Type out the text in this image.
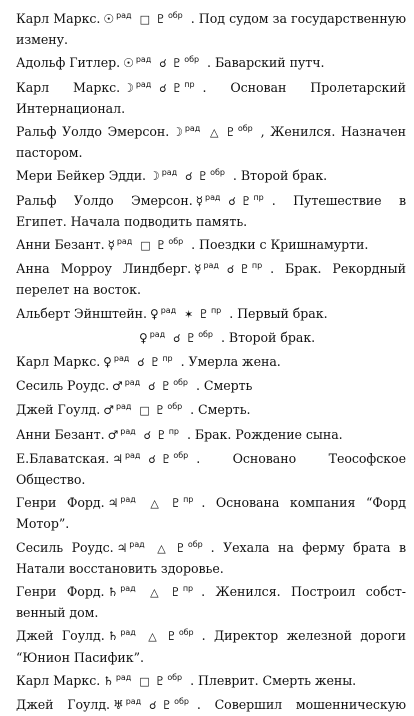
Карл Маркс. ☉ $^{рад}$ □ ♇ $^{обр}$ . Под судом за государственную
измену.
Адольф Гитлер. ☉ $^{рад}$ ☌ ♇ $^{обр}$ . Баварский путч.
Карл Маркс. ☽ $^{рад}$ ☌ ♇ $^{пр}$ . Основан Пролетарский
Интернационал.
Ральф Уолдо Эмерсон. ☽ $^{рад}$ △ ♇ $^{обр}$ , Женился. Назначен
пастором.
Мери Бейкер Эдди. ☽ $^{рад}$ ☌ ♇ $^{обр}$ . Второй брак.
Ральф Уолдо Эмерсон. ☿ $^{рад}$ ☌ ♇ $^{пр}$ . Путешествие в
Египет. Начала подводить память.
Анни Безант. ☿ $^{рад}$ □ ♇ $^{обр}$ . Поездки с Кришнамурти.
Анна Морроу Линдберг. ☿ $^{рад}$ ☌ ♇ $^{пр}$ . Брак. Рекордный
перелет на восток.
Альберт Эйнштейн. ♀ $^{рад}$ ✶ ♇ $^{пр}$ . Первый брак.
♀ $^{рад}$ ☌ ♇ $^{обр}$ . Второй брак.
Карл Маркс. ♀ $^{рад}$ ☌ ♇ $^{пр}$ . Умерла жена.
Сесиль Роудс. ♂ $^{рад}$ ☌ ♇ $^{обр}$ . Смерть
Джей Гоулд. ♂ $^{рад}$ □ ♇ $^{обр}$ . Смерть.
Анни Безант. ♂ $^{рад}$ ☌ ♇ $^{пр}$ . Брак. Рождение сына.
Е.Блаватская. ♃ $^{рад}$ ☌ ♇ $^{обр}$ . Основано Теософское
Общество.
Генри Форд. ♃ $^{рад}$ △ ♇ $^{пр}$ . Основана компания “Форд
Мотор”.
Сесиль Роудс. ♃ $^{рад}$ △ ♇ $^{обр}$ . Уехала на ферму брата в
Натали восстановить здоровье.
Генри Форд. ♄ $^{рад}$ △ ♇ $^{пр}$ . Женился. Построил собст-
венный дом.
Джей Гоулд. ♄ $^{рад}$ △ ♇ $^{обр}$ . Директор железной дороги
“Юнион Пасифик”.
Карл Маркс. ♄ $^{рад}$ □ ♇ $^{обр}$ . Плеврит. Смерть жены.
Джей Гоулд. ♅ $^{рад}$ ☌ ♇ $^{обр}$ . Совершил мошенническую
